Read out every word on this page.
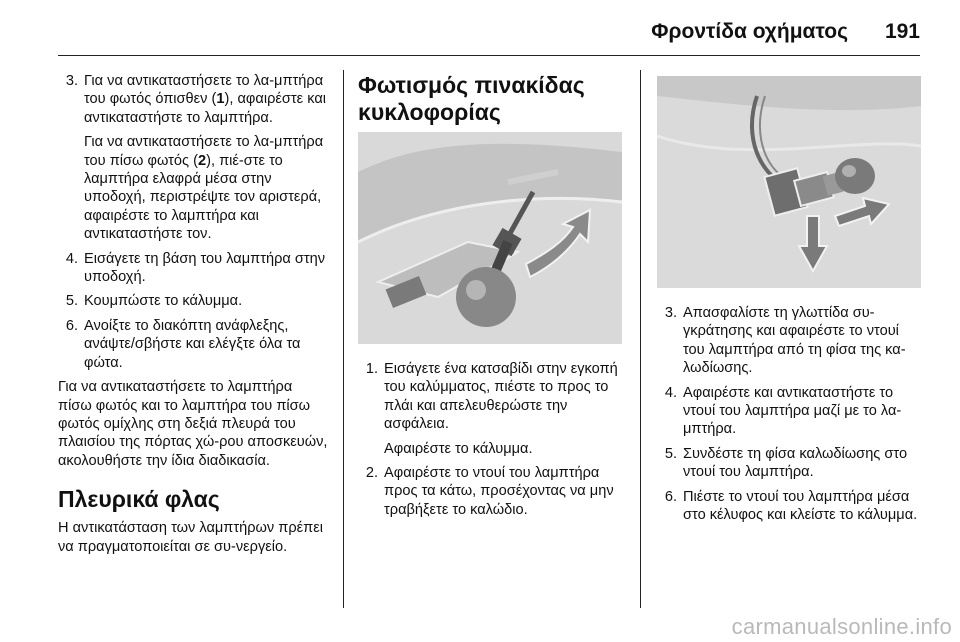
Φροντίδα οχήματος 191
3. Για να αντικαταστήσετε το λα-μπτήρα του φωτός όπισθεν (1), αφαιρέστε και αντικαταστήστε το λαμπτήρα.

Για να αντικαταστήσετε το λα-μπτήρα του πίσω φωτός (2), πιέ-στε το λαμπτήρα ελαφρά μέσα στην υποδοχή, περιστρέψτε τον αριστερά, αφαιρέστε το λαμπτήρα και αντικαταστήστε τον.

4. Εισάγετε τη βάση του λαμπτήρα στην υποδοχή.
5. Κουμπώστε το κάλυμμα.
6. Ανοίξτε το διακόπτη ανάφλεξης, ανάψτε/σβήστε και ελέγξτε όλα τα φώτα.

Για να αντικαταστήσετε το λαμπτήρα πίσω φωτός και το λαμπτήρα του πίσω φωτός ομίχλης στη δεξιά πλευρά του πλαισίου της πόρτας χώ-ρου αποσκευών, ακολουθήστε την ίδια διαδικασία.

Πλευρικά φλας

Η αντικατάσταση των λαμπτήρων πρέπει να πραγματοποιείται σε συ-νεργείο.

Φωτισμός πινακίδας κυκλοφορίας
1. Εισάγετε ένα κατσαβίδι στην εγκοπή του καλύμματος, πιέστε το προς το πλάι και απελευθερώστε την ασφάλεια.

Αφαιρέστε το κάλυμμα.

2. Αφαιρέστε το ντουί του λαμπτήρα προς τα κάτω, προσέχοντας να μην τραβήξετε το καλώδιο.

3. Απασφαλίστε τη γλωττίδα συ-γκράτησης και αφαιρέστε το ντουί του λαμπτήρα από τη φίσα της κα-λωδίωσης.
4. Αφαιρέστε και αντικαταστήστε το ντουί του λαμπτήρα μαζί με το λα-μπτήρα.
5. Συνδέστε τη φίσα καλωδίωσης στο ντουί του λαμπτήρα.
6. Πιέστε το ντουί του λαμπτήρα μέσα στο κέλυφος και κλείστε το κάλυμμα.
carmanualsonline.info
